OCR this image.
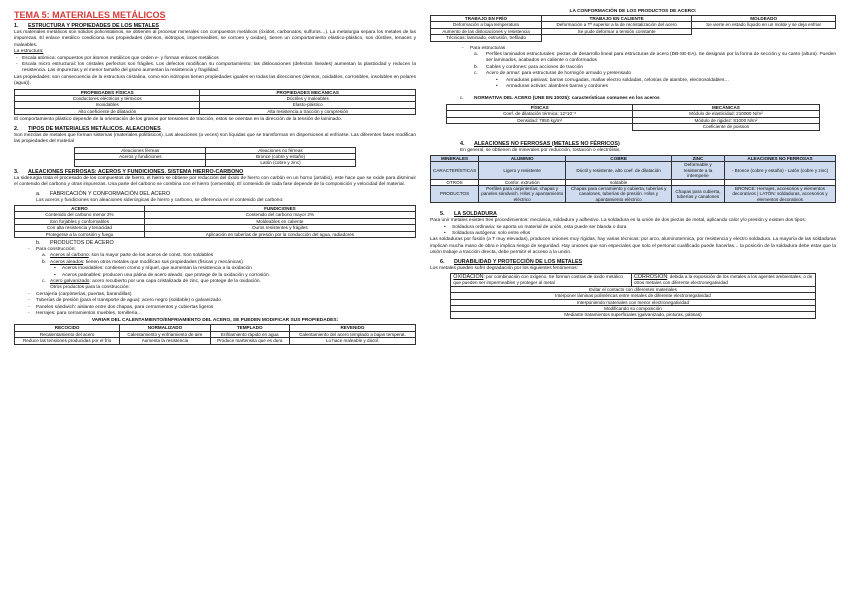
TEMA 5: MATERIALES METÁLICOS
1. ESTRUCTURA Y PROPIEDADES DE LOS METALES

Los materiales metálicos son sólidos policristalinos, se obtienen al procesar minerales con compuestos metálicos (óxidos, carbonatos, sulfuros…). La metalurgia separa los metales de las impurezas. El enlace metálico condiciona sus propiedades (densos, isótropos, impermeables, se corroen y oxidan), tienen un comportamiento elástico-plástico, son dúctiles, tenaces y maleables.

La estructura:

- Escala atómica: compuestos por átomos metálicos que ceden e- y forman enlaces metálicos
- Escala micro estructural: los cristales perfectos son frágiles. Los defectos modifican su comportamiento; las dislocaciones (defectos lineales) aumentan la plasticidad y reducen la resistencia. Las impurezas y el menor tamaño del grano aumentan la resistencia y fragilidad.

Las propiedades: son consecuencia de la estructura cristalina, como son isótropos tienen propiedades iguales en todas las direcciones (densos, oxidables, corrosibles, insolubles en polares (agua)).

PROPIEDADES FÍSICAS	PROPIEDADES MECÁNICAS
Conductores eléctricos y térmicos	Dúctiles y maleables
Inoxidables	Elasto-plástico
Alto coeficiente de dilatación	Alta resistencia a tracción y compresión

El comportamiento plástico depende de la orientación de los granos por tensiones de tracción, estos se orientan en la dirección de la tensión de laminado.

2. TIPOS DE MATERIALES METÁLICOS. ALEACIONES

Son mezclas de metales que forman sistemas (materiales polifásicos). Las aleaciones (a veces) son líquidas que se transforman en dispersiones al enfriarse. Las diferentes fases modifican las propiedades del material

Aleaciones férreas	Aleaciones no férreas
Aceros y fundiciones	Bronce (cobre y estaño)
	Latón (cobre y zinc)
3. ALEACIONES FERROSAS: ACEROS Y FUNDICIONES. SISTEMA HIERRO-CARBONO

La siderurgia trata el procesado de los compuestos de hierro, el hierro se obtiene por reducción del óxido de hierro con carbón en un horno (arrabio), este hace que se oxide para disminuir el contenido del carbono y otras impurezas. Una parte del carbono se combina con el hierro (cementita). El contenido de cada fase depende de la composición y velocidad del material.

a. FABRICACIÓN Y CONFORMACIÓN DEL ACERO

Los aceros y fundiciones son aleaciones siderúrgicas de hierro y carbono, se diferencia en el contenido del carbono:

ACERO	FUNDICIONES
Contenido del carbono menor 2%	Contenido del carbono mayor 2%
Son forjables y conformables	Moldeables en caliente
Con alta resistencia y tenacidad	Duros resistentes y frágiles
Protegerse a la corrosión y fuego	Aplicación en tuberías de presión por la conducción del agua, radiadores
b. PRODUCTOS DE ACERO
- Para construcción:
a. Aceros al carbono: son la mayor parte de los aceros de const. Son soldables
b. Aceros aleados: tienen otros metales que modifican sus propiedades (físicas y mecánicas)
▪ Aceros inoxidables: contienen cromo y níquel, que aumentan la resistencia a la oxidación
▪ Aceros patinables: producen una pátina de acero aleado, que protege de la oxidación y corrosión.
c. Acero galvanizado: acero recubierto por una capa cristalizada de zinc, que protege de la oxidación.
Otros productos para la construcción:
- Cerrajería (carpinterías, puertas, barandillas)
- Tuberías de presión (para el transporte de agua): acero negro (soldable) o galvanizado
- Paneles sándwich: aislante entre dos chapas, para cerramientos y cubiertas ligeros
- Herrajes: para cerramientos muebles, tornillería…
VARIAR DEL CALENTAMIENTO/ENFRIAMIENTO DEL ACERO, SE PUEDEN MODIFICAR SUS PROPIEDADES:
RECOCIDO	NORMALIZADO	TEMPLADO	REVENIDO
Recalentamiento del acero	Calentamiento y enfriamiento de aire	Enfriamiento rápido en agua	Calentamiento del acero templado a bajas temperat.
Reduce las tensiones producidas por el frío	Aumenta la resistencia	Produce martensita que es dura	Lo hace maleable y dúctil.
LA CONFORMACIÓN DE LOS PRODUCTOS DE ACERO:
TRABAJO EN FRÍO	TRABAJO EN CALIENTE	MOLDEADO
Deformación a baja temperatura	Deformación a Tª superior a la de recristalización del acero	Se vierte en estado líquido en un molde y se deja enfriar
Aumento de las dislocaciones y resistencia	Se pude deformar a tensión constante	
Técnicas: laminado, extrusión, trefilado		
- Para estructuras
a. Perfiles laminados estructurales: piezas de desarrollo lineal para estructuras de acero (DB-SE-EA). Se designan por la forma de sección y su canto (altura). Pueden ser laminados, acabados en caliente o conformados
b. Cables y cordones: para acciones de tracción
c. Acero de armar: para estructuras de hormigón armado y pretensado
• Armaduras pasivas: barras corrugadas, mallas electro soldadas, celosías de alambre, electrosoldables…
• Armaduras activas: alambres barras y cordones
c. NORMATIVA DEL ACERO (UNE EN 10025): características comunes en los aceros
FÍSICAS	MECÁNICAS
Coef. de dilatación térmica: 12*10⁻⁶	Módulo de elasticidad: 210000 N/m²
Densidad: 7850 kg/m³	Módulo de rigidez: 81000 N/m²
	Coeficiente de poisson
4. ALEACIONES NO FERROSAS (METALES NO FÉRRICOS)

En general, se obtienen de minerales por reducción, tostación o electrólisis.

MINERALES	ALUMINIO	COBRE	ZINC	ALEACIONES NO FERROSAS
CARACTERÍSTICAS	Ligero y resistente	Dúctil y resistente, alto coef. de dilatación	Deformable y resistente a la intemperie	- Bronce (cobre y estaño) - Latón (cobre y zinc)
OTROS	Confor. extrusión	soldable		
PRODUCTOS	Perfiles para carpinterías, chapas y paneles sándwich. Hilos y apantamiento eléctrico	Chapas para cerramiento y cubierta, tuberías y canalones, tuberías de presión. Hilos y apantamiento eléctrico	Chapas para cubierta, tuberías y canalones	BRONCE: Herrajes, accesorios y elementos decorativos | LATÓN: soldaduras, accesorios y elementos decorativos
5. LA SOLDADURA

Para unir metales existen tres procedimientos: mecánica, soldadura y adhesivo. La soldadura es la unión de dos piezas de metal, aplicando calor y/o presión y existen dos tipos:

• Soldadura ordinaria: se aporta un material de unión, esta puede ser blanda o dura
• Soldadura autógena: solo entre ellos

Las soldaduras por fusión (a T muy elevadas), producen uniones muy rígidas, hay varias técnicas: por arco, aluminotermica, por resistencia y electro soldadura. La mayoría de las soldaduras implican mucha mano de obra e implica riesgo de seguridad. Hay uniones que son especiales que solo el personal cualificado puede hacerlas… la posición de la soldadura debe estar que la unión trabaje a tracción directa, debe permitir el acceso a la unión.

6. DURABILIDAD Y PROTECCIÓN DE LOS METALES

Los metales pueden sufrir degradación por los siguientes fenómenos:

OXIDACIÓN: por combinación con oxígeno. Se forman costras de óxido metálico que pueden ser impermeables y proteger al metal	CORROSIÓN: debida a la exposición de los metales a los agentes ambientales, o de otros metales con diferente electronegatividad
Evitar el contacto con diferentes materiales
Interponer láminas poliméricas entre metales de diferente electronegatividad
Interponiendo materiales con menor electronegatividad
Modificando su composición
Mediante tratamientos superficiales (galvanizado, pinturas, pátinas)
